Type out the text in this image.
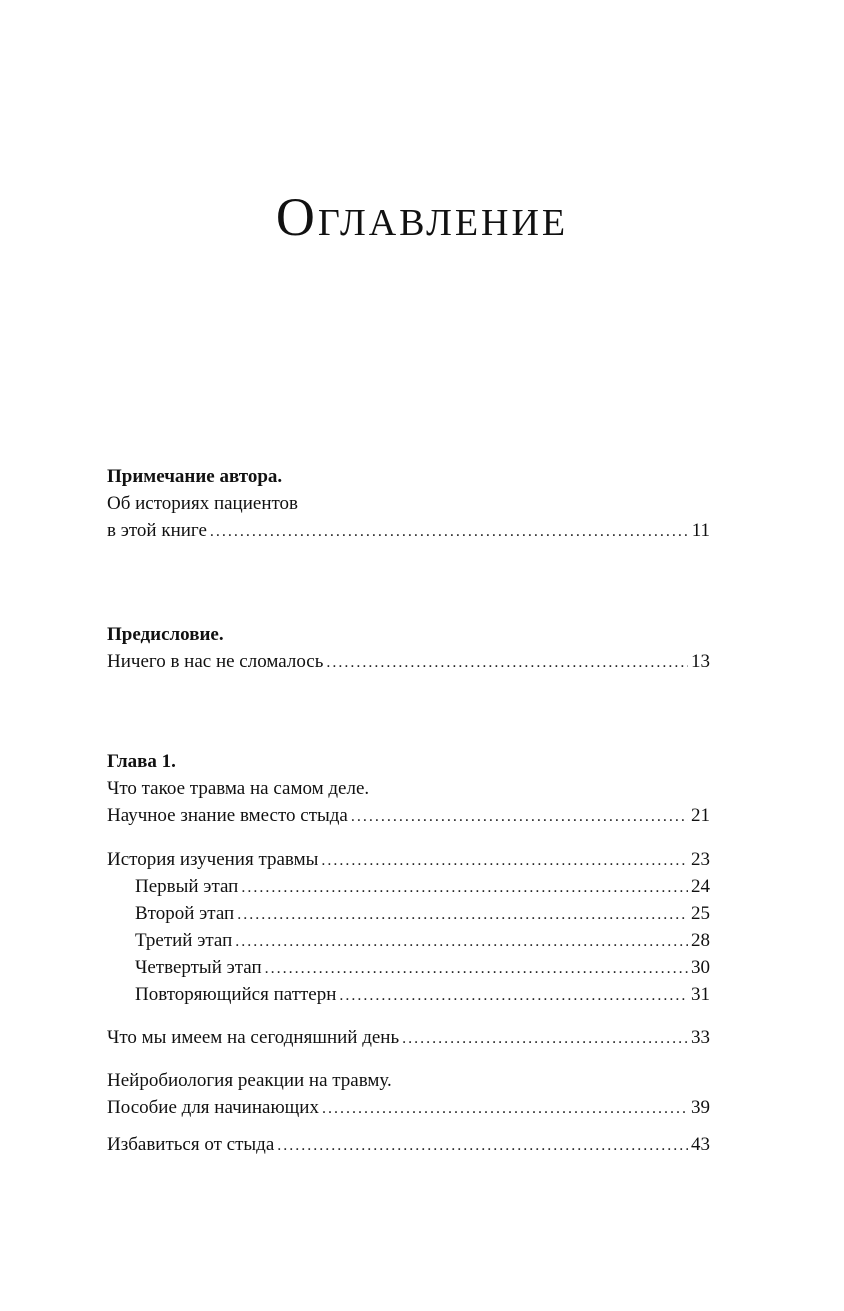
Оглавление
Примечание автора.
Об историях пациентов
в этой книге .....	11
Предисловие.
Ничего в нас не сломалось .....	13
Глава 1.
Что такое травма на самом деле.
Научное знание вместо стыда .....	21
История изучения травмы .....	23
Первый этап .....	24
Второй этап .....	25
Третий этап .....	28
Четвертый этап .....	30
Повторяющийся паттерн .....	31
Что мы имеем на сегодняшний день .....	33
Нейробиология реакции на травму.
Пособие для начинающих .....	39
Избавиться от стыда .....	43
